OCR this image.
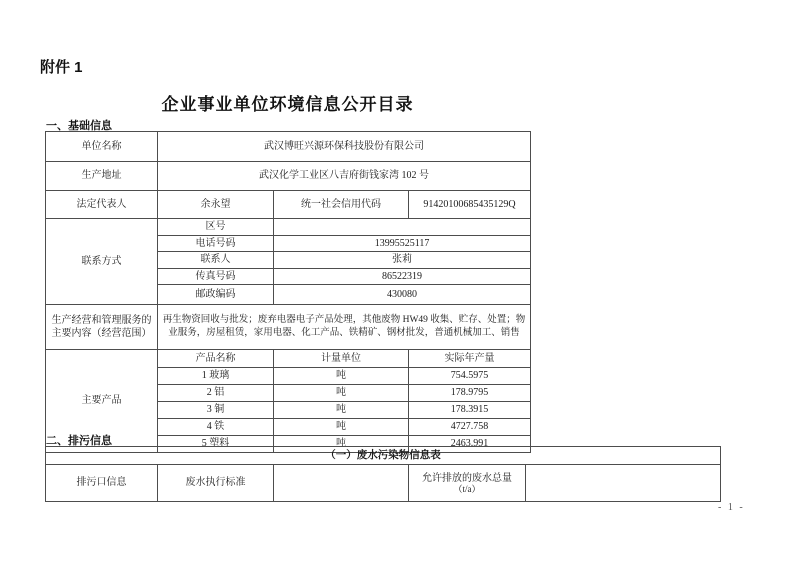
附件 1
企业事业单位环境信息公开目录
一、基础信息
单位名称	武汉博旺兴源环保科技股份有限公司		
生产地址	武汉化学工业区八吉府街钱家湾 102 号		
法定代表人	余永望	统一社会信用代码	91420100685435129Q
联系方式	区号		
	电话号码	13995525117	
	联系人	张莉	
	传真号码	86522319	
	邮政编码	430080	
生产经营和管理服务的主要内容（经营范围）	再生物资回收与批发；废弃电器电子产品处理，其他废物 HW49 收集、贮存、处置；物业服务，房屋租赁，家用电器、化工产品、铁精矿、钢材批发，普通机械加工、销售		
主要产品	产品名称	计量单位	实际年产量
	1 玻璃	吨	754.5975
	2 铝	吨	178.9795
	3 铜	吨	178.3915
	4 铁	吨	4727.758
	5 塑料	吨	2463.991
二、排污信息
（一）废水污染物信息表
排污口信息	废水执行标准		允许排放的废水总量
（t/a）

- 1 -
